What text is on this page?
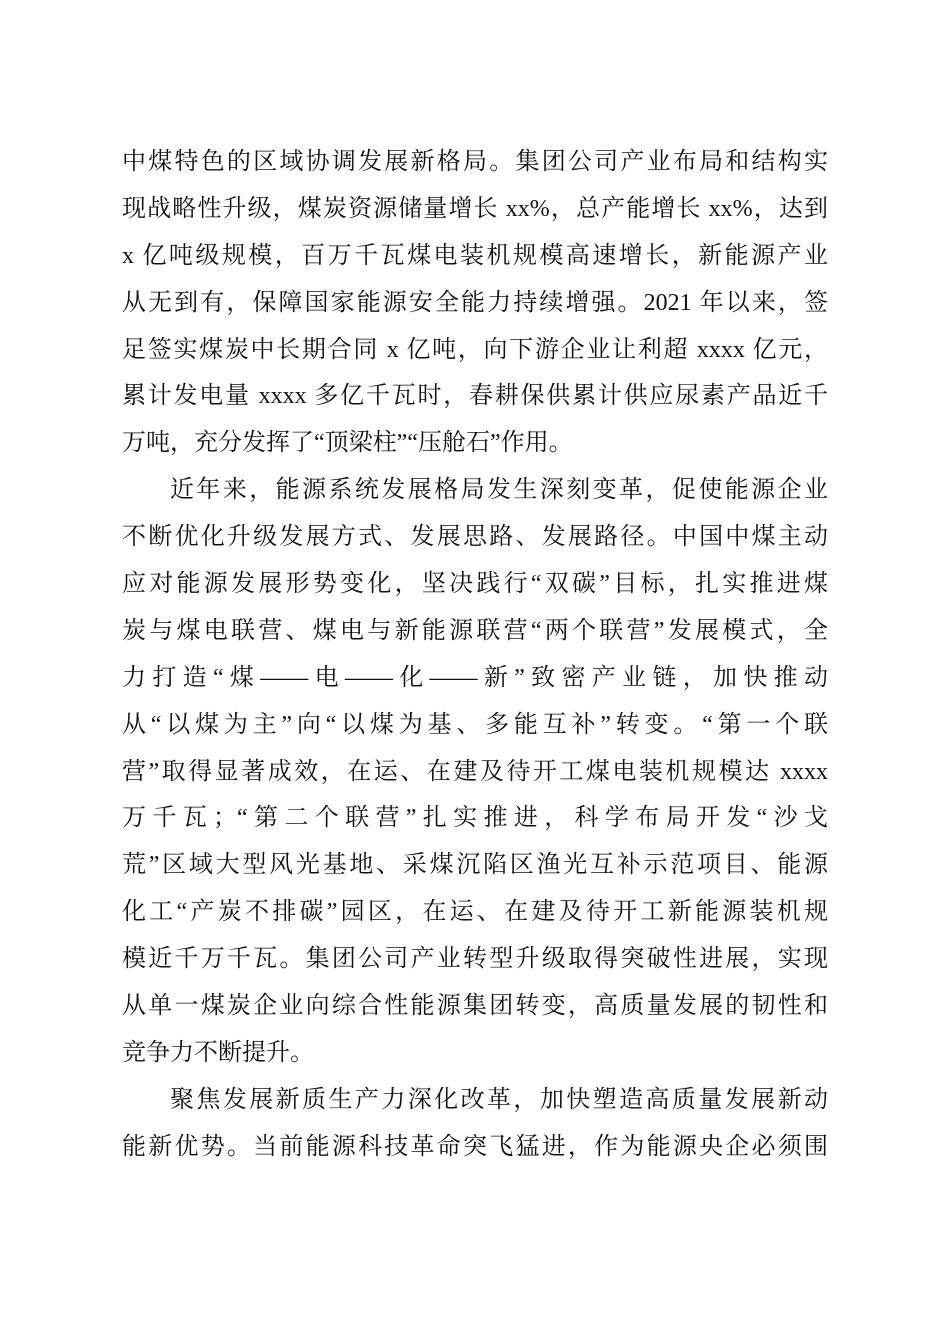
中煤特色的区域协调发展新格局。集团公司产业布局和结构实
现战略性升级，煤炭资源储量增长 xx%，总产能增长 xx%，达到
x 亿吨级规模，百万千瓦煤电装机规模高速增长，新能源产业
从无到有，保障国家能源安全能力持续增强。2021 年以来，签
足签实煤炭中长期合同 x 亿吨，向下游企业让利超 xxxx 亿元，
累计发电量 xxxx 多亿千瓦时，春耕保供累计供应尿素产品近千
万吨，充分发挥了“顶梁柱”“压舱石”作用。
近年来，能源系统发展格局发生深刻变革，促使能源企业
不断优化升级发展方式、发展思路、发展路径。中国中煤主动
应对能源发展形势变化，坚决践行“双碳”目标，扎实推进煤
炭与煤电联营、煤电与新能源联营“两个联营”发展模式，全
力打造“煤——电——化——新”致密产业链，加快推动
从“以煤为主”向“以煤为基、多能互补”转变。“第一个联
营”取得显著成效，在运、在建及待开工煤电装机规模达 xxxx
万千瓦；“第二个联营”扎实推进，科学布局开发“沙戈
荒”区域大型风光基地、采煤沉陷区渔光互补示范项目、能源
化工“产炭不排碳”园区，在运、在建及待开工新能源装机规
模近千万千瓦。集团公司产业转型升级取得突破性进展，实现
从单一煤炭企业向综合性能源集团转变，高质量发展的韧性和
竞争力不断提升。
聚焦发展新质生产力深化改革，加快塑造高质量发展新动
能新优势。当前能源科技革命突飞猛进，作为能源央企必须围
